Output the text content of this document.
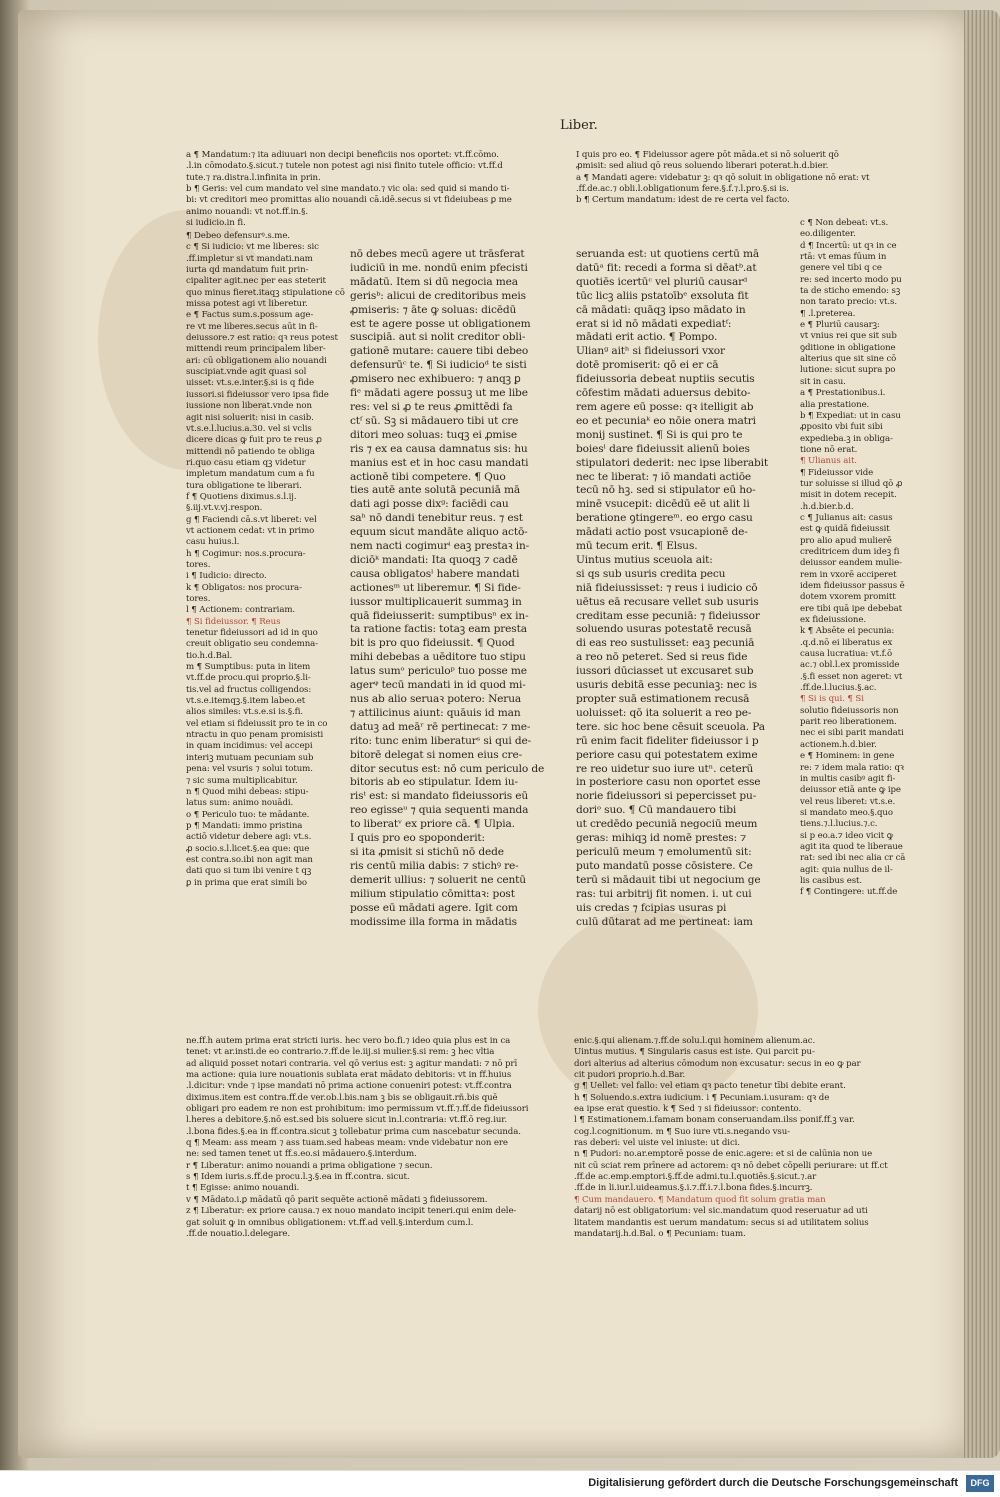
Liber.
a ¶ Mandatum:⁊ ita adiuuari non decipi beneficiis nos oportet: vt.ff.cōmo.
.l.in cōmodato.§.sicut.⁊ tutele non potest agi nisi finito tutele officio: vt.ff.d
tute.⁊ ra.distra.l.infinita in prin.
b ¶ Geris: vel cum mandato vel sine mandato.⁊ vic ola: sed quid si mando ti-
bi: vt creditori meo promittas alio nouandi cā.idē.secus si vt fideiubeas ꝑ me
animo nouandi: vt not.ff.in.§.
si iudicio.in fi.
¶ Debeo defensurꝰ.s.me.
c ¶ Si iudicio: vt me liberes: sic
.ff.impletur si vt mandati.nam
iurta qd mandatum fuit prin-
cipaliter agit.nec per eas steterit
quo minus fieret.itaqꝫ stipulatione cō
missa potest agi vt liberetur.
e ¶ Factus sum.s.possum age-
re vt me liberes.secus aūt in fi-
deiussore.⁊ est ratio: qꝛ reus potest
mittendi reum principalem liber-
ari: cū obligationem alio nouandi
suscipiat.vnde agit quasi sol
uisset: vt.s.e.inter.§.si is q fide
iussori.si fideiussor vero ipsa fide
iussione non liberat.vnde non
agit nisi soluerit: nisi in casib.
vt.s.e.l.lucius.a.30. vel si vclis
dicere dicas ꝙ fuit pro te reus ꝓ
mittendi nō patiendo te obliga
ri.quo casu etiam qꝫ videtur
impletum mandatum cum a fu
tura obligatione te liberari.
f ¶ Quotiens diximus.s.l.ij.
§.iij.vt.v.vj.respon.
g ¶ Faciendi cā.s.vt liberet: vel
vt actionem cedat: vt in primo
casu huius.l.
h ¶ Cogimur: nos.s.procura-
tores.
i ¶ Iudicio: directo.
k ¶ Obligatos: nos procura-
tores.
l ¶ Actionem: contrariam.
¶ Si fideiussor. ¶ Reus
tenetur fideiussori ad id in quo
creuit obligatio seu condemna-
tio.h.d.Bal.
m ¶ Sumptibus: puta in litem
vt.ff.de procu.qui proprio.§.li-
tis.vel ad fructus colligendos:
vt.s.e.itemqꝫ.§.item labeo.et
alios similes: vt.s.e.si is.§.fi.
vel etiam si fideiussit pro te in co
ntractu in quo penam promisisti
in quam incidimus: vel accepi
interiꝫ mutuam pecuniam sub
pena: vel vsuris ⁊ solui totum.
⁊ sic suma multiplicabitur.
n ¶ Quod mihi debeas: stipu-
latus sum: animo nouādi.
o ¶ Periculo tuo: te mādante.
p ¶ Mandati: immo pristina
actiō videtur debere agi: vt.s.
ꝓ socio.s.l.licet.§.ea que: que
est contra.so.ibi non agit man
dati quo si tum ibi venire t qꝫ
ꝑ in prima que erat simili bo
nō debes mecū agere ut trāsferat
iudiciū in me. nondū enim pfecisti
mādatū. Item si dū negocia mea
gerisᵇ: alicui de creditoribus meis
ꝓmiseris: ⁊ āte ꝙ soluas: dicēdū
est te agere posse ut obligationem
suscipiā. aut si nolit creditor obli-
gationē mutare: cauere tibi debeo
defensurūᶜ te. ¶ Si iudicioᵈ te sisti
ꝓmisero nec exhibuero: ⁊ anqꝫ ꝑ
fiᵉ mādati agere possuꝫ ut me libe
res: vel si ꝓ te reus ꝓmittēdi fa
ctᶠ sū. Sꝫ si mādauero tibi ut cre
ditori meo soluas: tuqꝫ ei ꝓmise
ris ⁊ ex ea causa damnatus sis: hu
manius est et in hoc casu mandati
actionē tibi competere. ¶ Quo
ties autē ante solutā pecuniā mā
dati agi posse dixᵍ: faciēdi cau
saʰ nō dandi tenebitur reus. ⁊ est
equum sicut mandāte aliquo actō-
nem nacti cogimurⁱ eaꝫ prestaꝛ in-
diciōᵏ mandati: Ita quoqꝫ ⁊ cadē
causa obligatosˡ habere mandati
actionesᵐ ut liberemur. ¶ Si fide-
iussor multiplicauerit summaꝫ in
quā fideiusserit: sumptibusⁿ ex in-
ta ratione factis: totaꝫ eam presta
bit is pro quo fideiussit. ¶ Quod
mihi debebas a uēditore tuo stipu
latus sumᵒ periculoᵖ tuo posse me
agerᵠ tecū mandati in id quod mi-
nus ab alio seruaꝛ potero: Nerua
⁊ attilicinus aiunt: quāuis id man
datuꝫ ad meāʳ rē pertinecat: ⁊ me-
rito: tunc enim liberaturˢ si qui de-
bitorē delegat si nomen eius cre-
ditor secutus est: nō cum periculo de
bitoris ab eo stipulatur. Idem iu-
risᵗ est: si mandato fideiussoris eū
reo egisseᵘ ⁊ quia sequenti manda
to liberatᵛ ex priore cā. ¶ Ulpia.
I quis pro eo spoponderit:
si ita ꝓmisit si stichū nō dede
ris centū milia dabis: ⁊ stichꝰ re-
demerit ullius: ⁊ soluerit ne centū
milium stipulatio cōmittaꝛ: post
posse eū mādati agere. Igit com
modissime illa forma in mādatis
seruanda est: ut quotiens certū mā
datūᵃ fit: recedi a forma si dēatᵇ.at
quotiēs icertūᶜ vel pluriū causarᵈ
tūc licꝫ aliis pstatoībᵉ exsoluta fit
cā mādati: quāqꝫ ipso mādato in
erat si id nō mādati expediatᶠ:
mādati erit actio. ¶ Pompo.
Ulianᵍ aitʰ si fideiussori vxor
dotē promiserit: qō ei er cā
fideiussoria debeat nuptiis secutis
cōfestim mādati aduersus debito-
rem agere eū posse: qꝛ itelligit ab
eo et pecuniaᵏ eo nōie onera matri
monij sustinet. ¶ Si is qui pro te
boiesˡ dare fideiussit alienū boies
stipulatori dederit: nec ipse liberabit
nec te liberat: ⁊ iō mandati actiōe
tecū nō hꝫ. sed si stipulator eū ho-
minē vsucepit: dicēdū eē ut alit li
beratione ꝯtingereᵐ. eo ergo casu
mādati actio post vsucapionē de-
mū tecum erit. ¶ Elsus.
Uintus mutius sceuola ait:
si qs sub usuris credita pecu
niā fideiussisset: ⁊ reus i iudicio cō
uētus eā recusare vellet sub usuris
creditam esse pecuniā: ⁊ fideiussor
soluendo usuras potestatē recusā
di eas reo sustulisset: eaꝫ pecuniā
a reo nō peteret. Sed si reus fide
iussori dūciasset ut excusaret sub
usuris debitā esse pecuniaꝫ: nec is
propter suā estimationem recusā
uoluisset: qō ita soluerit a reo pe-
tere. sic hoc bene cēsuit sceuola. Pa
rū enim facit fideliter fideiussor i p
periore casu qui potestatem exime
re reo uidetur suo iure utⁿ. ceterū
in posteriore casu non oportet esse
norie fideiussori si pepercisset pu-
doriᵒ suo. ¶ Cū mandauero tibi
ut credēdo pecuniā negociū meum
geras: mihiqꝫ id nomē prestes: ⁊
periculū meum ⁊ emolumentū sit:
puto mandatū posse cōsistere. Ce
terū si mādauit tibi ut negocium ge
ras: tui arbitrij fit nomen. i. ut cui
uis credas ⁊ fcipias usuras pi
culū dūtarat ad me pertineat: iam
I quis pro eo. ¶ Fideiussor agere pōt māda.et si nō soluerit qō
ꝓmisit: sed aliud qō reus soluendo liberari poterat.h.d.bier.
a ¶ Mandati agere: videbatur ꝫ: qꝛ qō soluit in obligatione nō erat: vt
.ff.de.ac.⁊ obli.l.obligationum fere.§.f.⁊.l.pro.§.si is.
b ¶ Certum mandatum: idest de re certa vel facto.
c ¶ Non debeat: vt.s.
eo.diligenter.
d ¶ Incertū: ut qꝛ in ce
rtā: vt emas fūum in
genere vel tibi q ce
re: sed incerto modo pu
ta de sticho emendo: sꝫ
non tarato precio: vt.s.
¶ .l.preterea.
e ¶ Pluriū causarꝫ:
vt vnius rei que sit sub
ꝯditione in obligatione
alterius que sit sine cō
lutione: sicut supra po
sit in casu.
a ¶ Prestationibus.i.
alia prestatione.
b ¶ Expediat: ut in casu
ꝓposito vbi fuit sibi
expedieba.ꝫ in obliga-
tione nō erat.
¶ Ulianus ait.
¶ Fideiussor vide
tur soluisse si illud qō ꝓ
misit in dotem recepit.
.h.d.bier.b.d.
c ¶ Julianus ait: casus
est ꝙ quidā fideiussit
pro alio apud mulierē
creditricem dum ideꝫ fi
deiussor eandem mulie-
rem in vxorē acciperet
idem fideiussor passus ē
dotem vxorem promitt
ere tibi quā ipe debebat
ex fideiussione.
k ¶ Absēte ei pecunia:
.q.d.nō ei liberatus ex
causa lucratiua: vt.f.ō
ac.⁊ obl.l.ex promisside
.§.fi esset non ageret: vt
.ff.de.l.lucius.§.ac.
¶ Si is qui. ¶ Si
solutio fideiussoris non
parit reo liberationem.
nec ei sibi parit mandati
actionem.h.d.bier.
e ¶ Hominem: in gene
re: ⁊ idem mala ratio: qꝛ
in multis casibꝰ agit fi-
deiussor etiā ante ꝙ ipe
vel reus liberet: vt.s.e.
si mandato meo.§.quo
tiens.⁊.l.lucius.⁊.c.
si p eo.a.⁊ ideo vicit ꝙ
agit ita quod te liberaue
rat: sed ibi nec alia cr cā
agit: quia nullus de il-
lis casibus est.
f ¶ Contingere: ut.ff.de
ne.ff.h autem prima erat stricti iuris. hec vero bo.fi.⁊ ideo quia plus est in ca
tenet: vt ar.insti.de eo contrario.⁊.ff.de le.iij.si mulier.§.si rem: ꝫ hec vltia
ad aliquid posset notari contraria. vel qō verius est: ꝫ agitur mandati: ⁊ nō prī
ma actione: quia iure nouationis sublata erat mādato debitoris: vt in ff.huius
.l.dicitur: vnde ⁊ ipse mandati nō prima actione conueniri potest: vt.ff.contra
diximus.item est contra.ff.de ver.ob.l.bis.nam ꝫ bis se obligauit.rñ.bis quē
obligari pro eadem re non est prohibitum: imo permissum vt.ff.⁊.ff.de fideiussori
l.heres a debitore.§.nō est.sed bis soluere sicut in.l.contraria: vt.ff.ō reg.iur.
.l.bona fides.§.ea in ff.contra.sicut ꝫ tollebatur prima cum nascebatur secunda.
q ¶ Meam: ass meam ⁊ ass tuam.sed habeas meam: vnde videbatur non ere
ne: sed tamen tenet ut ff.s.eo.si mādauero.§.interdum.
r ¶ Liberatur: animo nouandi a prima obligatione ⁊ secun.
s ¶ Idem iuris.s.ff.de procu.l.ꝫ.§.ea in ff.contra. sicut.
t ¶ Egisse: animo nouandi.
v ¶ Mādato.i.ꝑ mādatū qō parit sequēte actionē mādati ꝫ fideiussorem.
z ¶ Liberatur: ex priore causa.⁊ ex nouo mandato incipit teneri.qui enim dele-
gat soluit ꝙ in omnibus obligationem: vt.ff.ad vell.§.interdum cum.l.
.ff.de nouatio.l.delegare.
enic.§.qui alienam.⁊.ff.de solu.l.qui hominem alienum.ac.
Uintus mutius. ¶ Singularis casus est iste. Qui parcit pu-
dori alterius ad alterius cōmodum non excusatur: secus in eo ꝙ par
cit pudori proprio.h.d.Bar.
g ¶ Uellet: vel fallo: vel etiam qꝛ pacto tenetur tībi debite erant.
h ¶ Soluendo.s.extra iudicium. i ¶ Pecuniam.i.usuram: qꝛ de
ea ipse erat questio. k ¶ Sed ⁊ si fideiussor: contento.
l ¶ Estimationem.i.famam bonam conseruandam.ilss ponif.ff.ꝫ var.
cog.l.cognitionum. m ¶ Suo iure vti.s.negando vsu-
ras deberi: vel uiste vel iniuste: ut dici.
n ¶ Pudori: no.ar.emptorē posse de enic.agere: et si de calūnia non ue
nit cū sciat rem prīnere ad actorem: qꝛ nō debet cōpelli periurare: ut ff.ct
.ff.de ac.emp.emptori.§.ff.de admi.tu.l.quotiēs.§.sicut.⁊.ar
.ff.de in li.iur.l.uideamus.§.i.⁊.ff.i.⁊.l.bona fides.§.incurrꝫ.
¶ Cum mandauero. ¶ Mandatum quod fit solum gratia man
datarij nō est obligatorium: vel sic.mandatum quod reseruatur ad uti
litatem mandantis est uerum mandatum: secus si ad utilitatem solius
mandatarij.h.d.Bal. o ¶ Pecuniam: tuam.
Digitalisierung gefördert durch die Deutsche Forschungsgemeinschaft	DFG
